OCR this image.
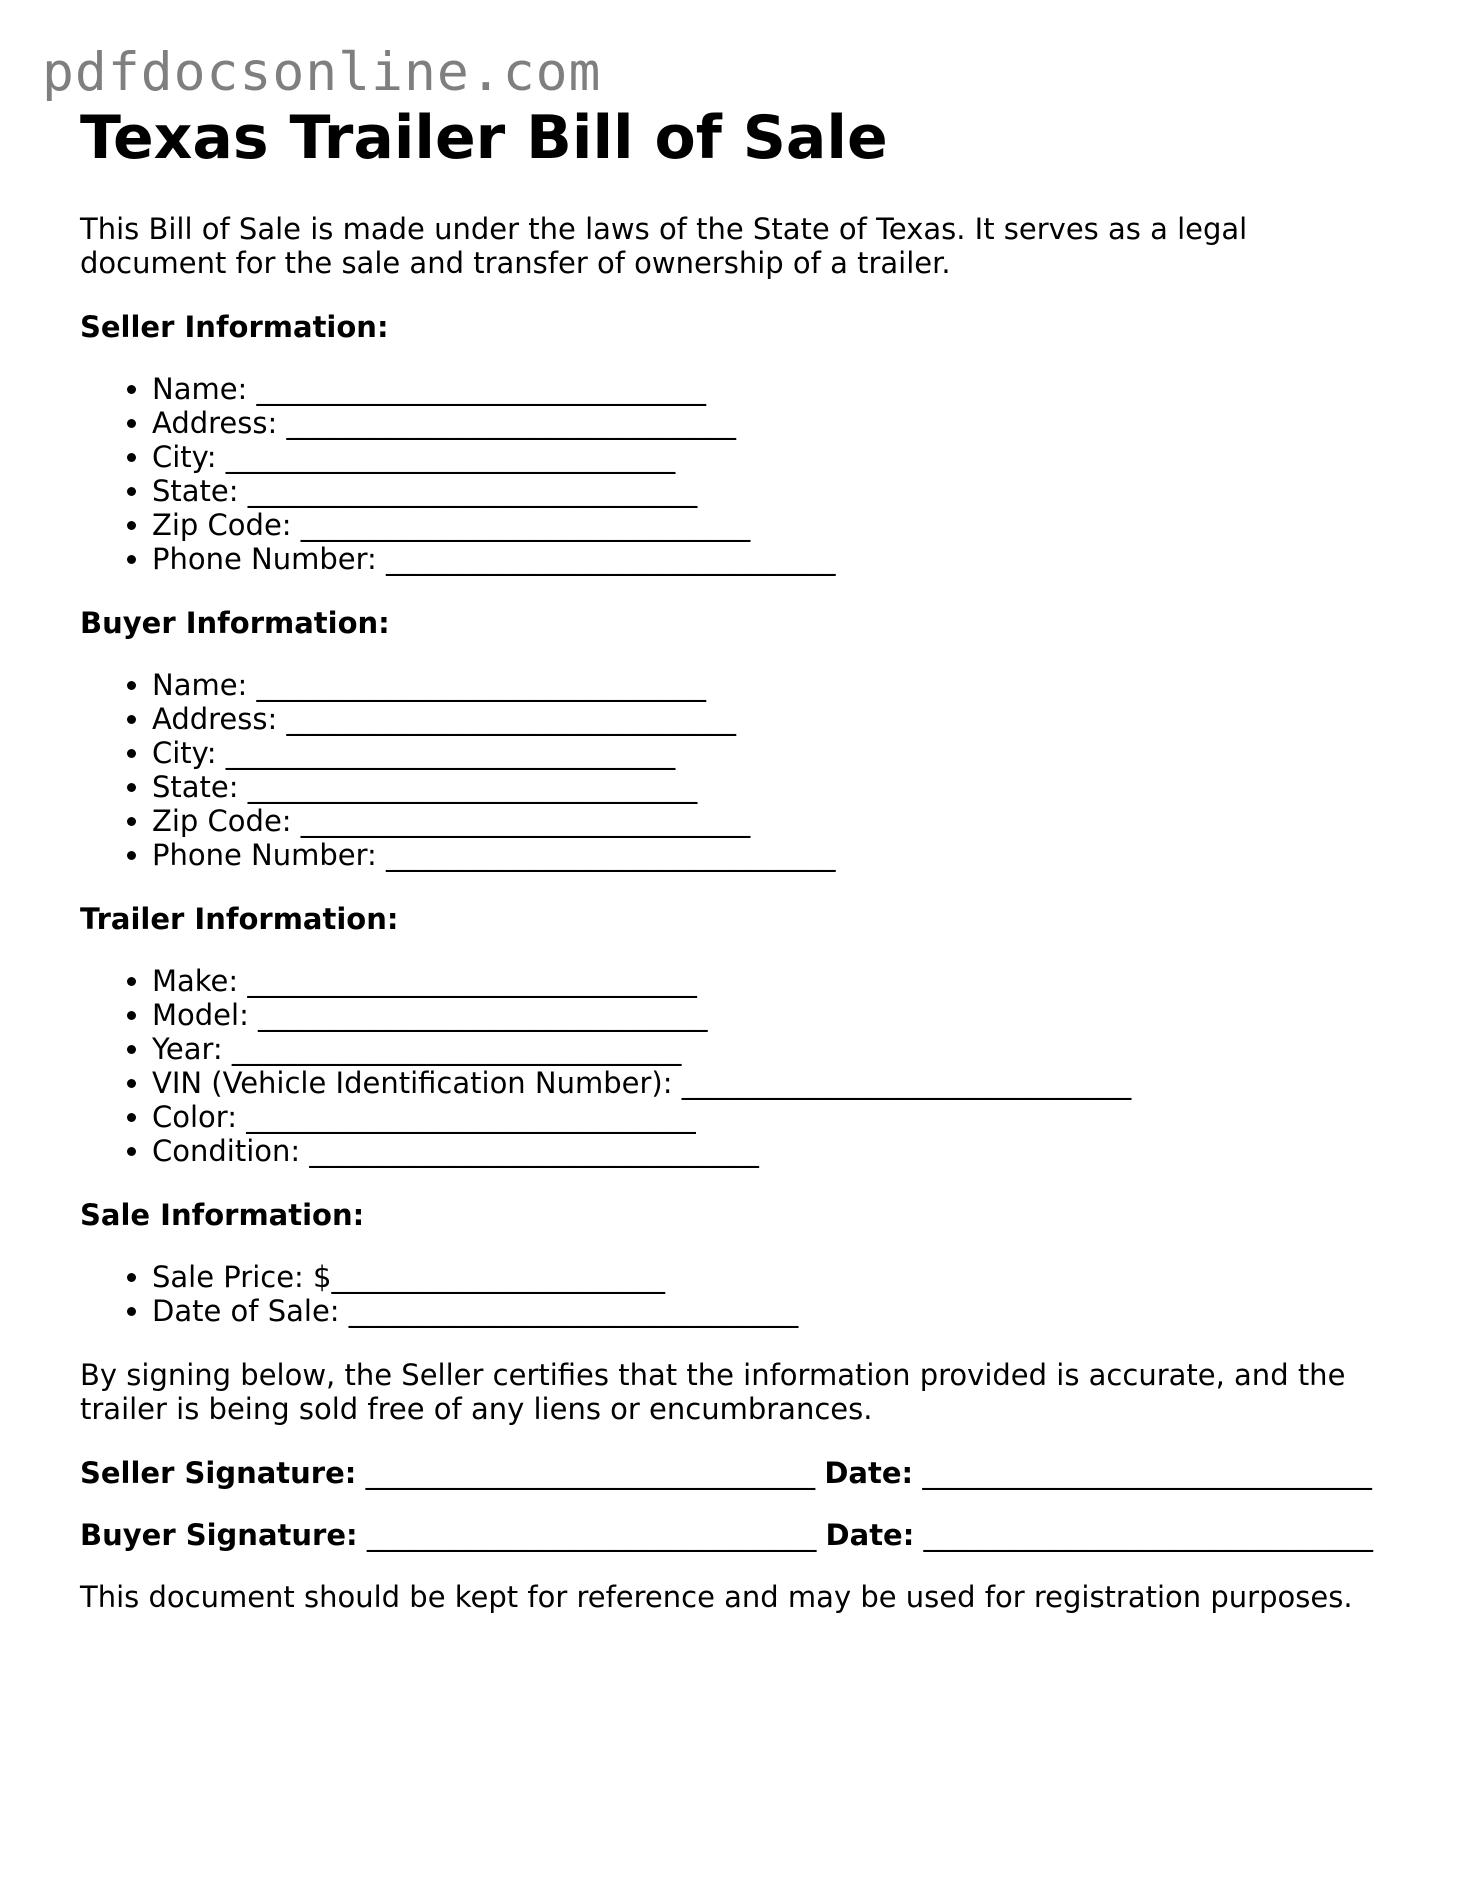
pdfdocsonline.com
Texas Trailer Bill of Sale

This Bill of Sale is made under the laws of the State of Texas. It serves as a legal document for the sale and transfer of ownership of a trailer.

Seller Information:
• Name: _______________________________
• Address: _______________________________
• City: _______________________________
• State: _______________________________
• Zip Code: _______________________________
• Phone Number: _______________________________
Buyer Information:
• Name: _______________________________
• Address: _______________________________
• City: _______________________________
• State: _______________________________
• Zip Code: _______________________________
• Phone Number: _______________________________
Trailer Information:
• Make: _______________________________
• Model: _______________________________
• Year: _______________________________
• VIN (Vehicle Identification Number): _______________________________
• Color: _______________________________
• Condition: _______________________________
Sale Information:
• Sale Price: $_______________________
• Date of Sale: _______________________________

By signing below, the Seller certifies that the information provided is accurate, and the trailer is being sold free of any liens or encumbrances.

Seller Signature: _______________________________ Date: _______________________________
Buyer Signature: _______________________________ Date: _______________________________

This document should be kept for reference and may be used for registration purposes.
